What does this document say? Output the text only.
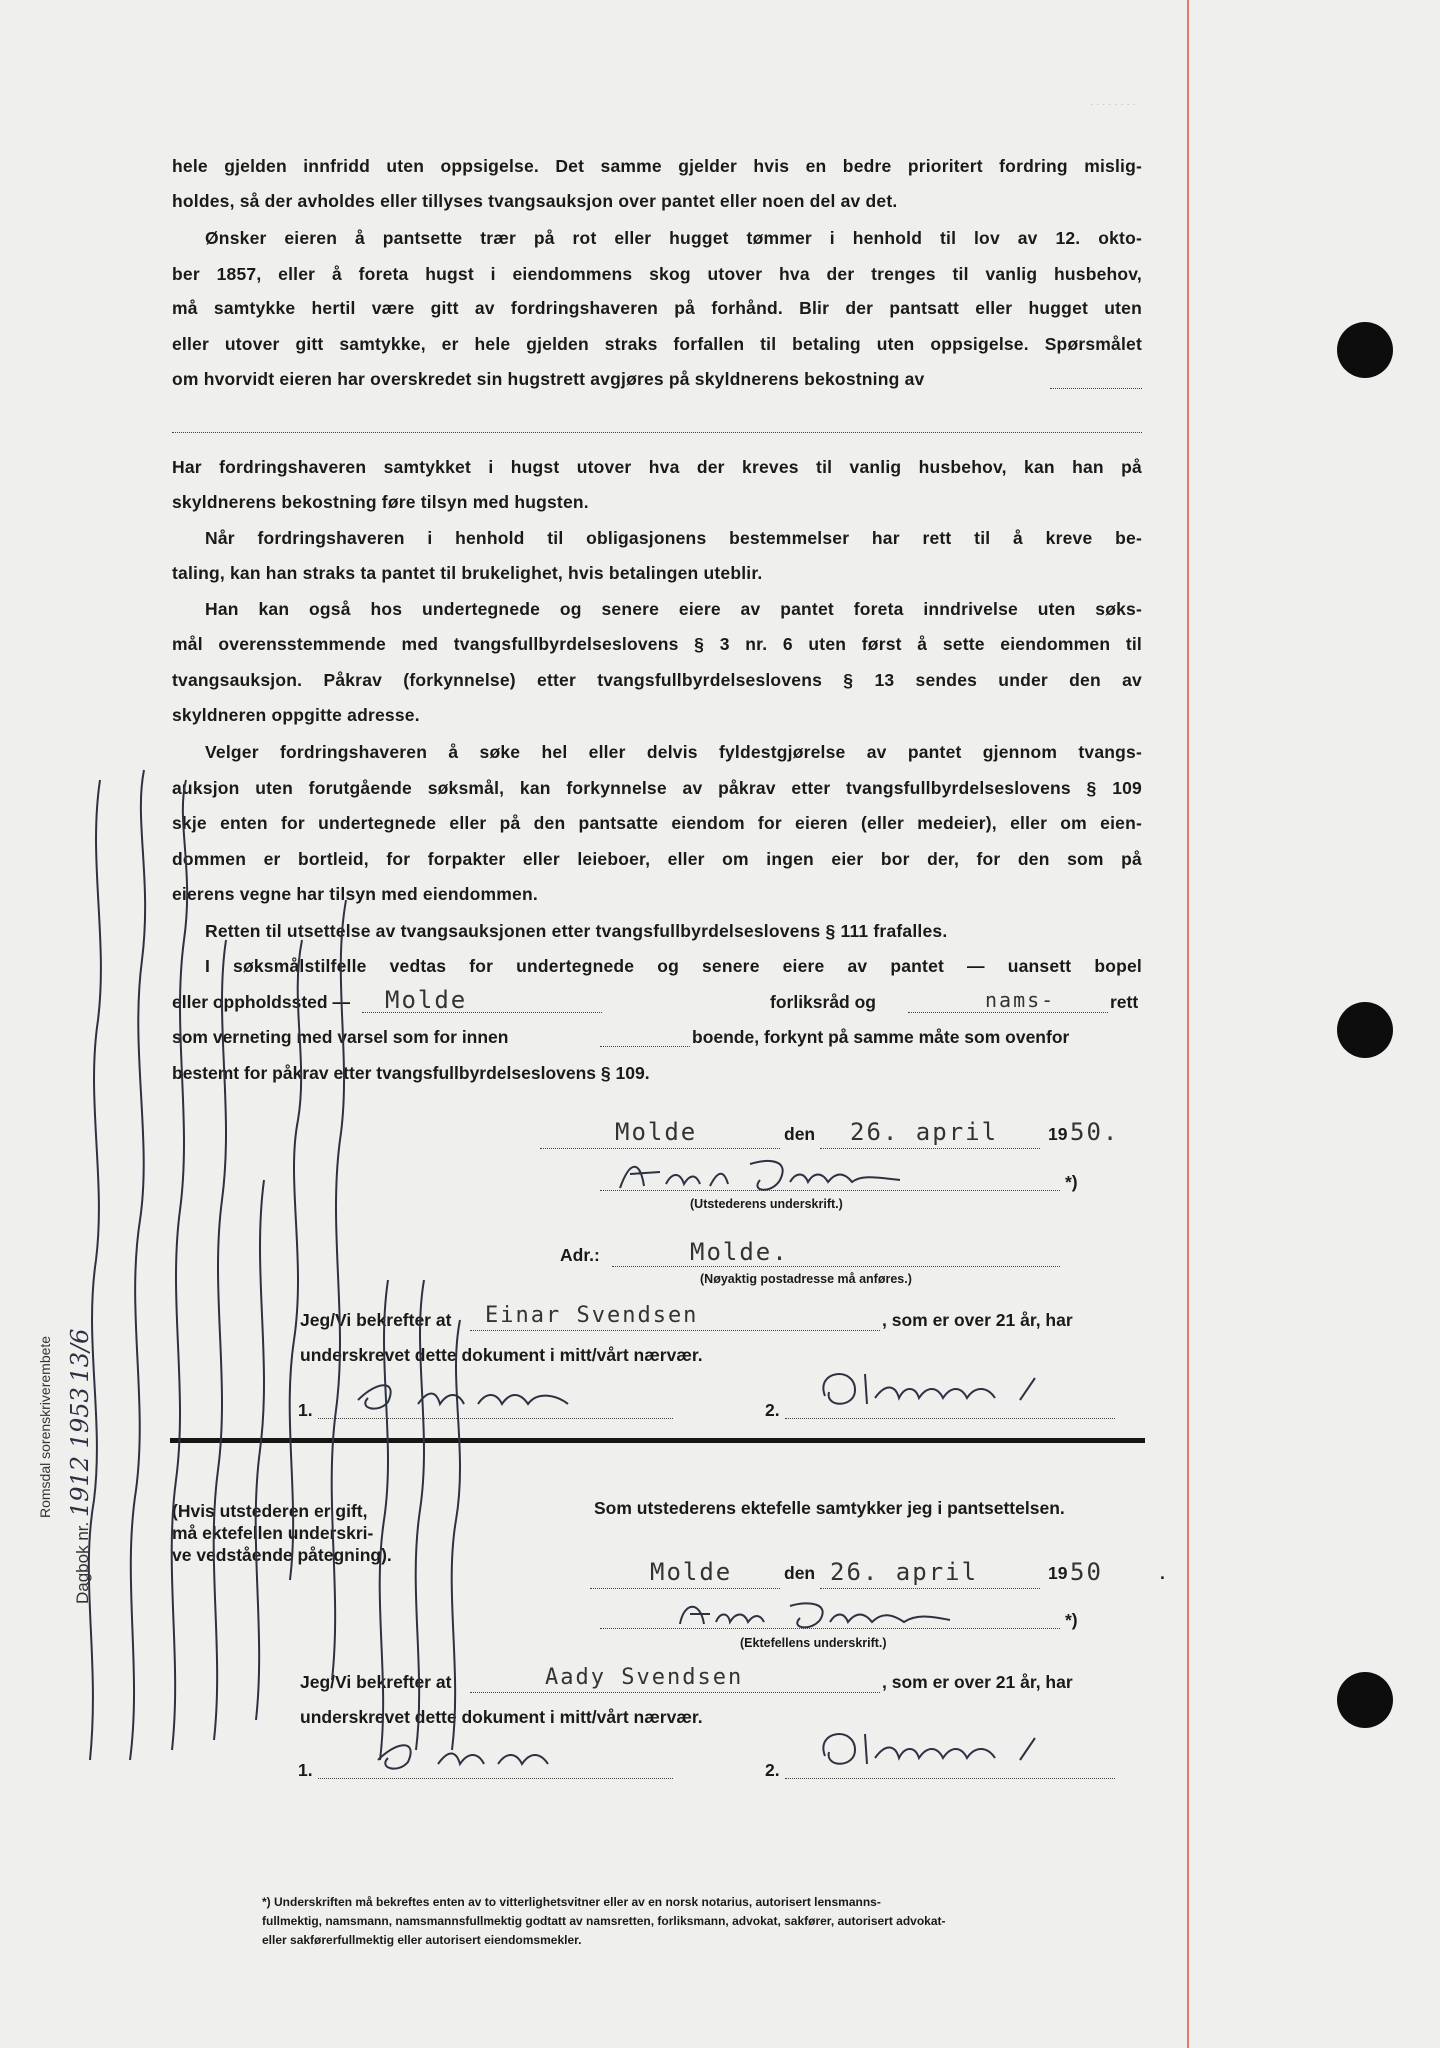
. . . . . . . .
hele gjelden innfridd uten oppsigelse. Det samme gjelder hvis en bedre prioritert fordring mislig-
holdes, så der avholdes eller tillyses tvangsauksjon over pantet eller noen del av det.
Ønsker eieren å pantsette trær på rot eller hugget tømmer i henhold til lov av 12. okto-
ber 1857, eller å foreta hugst i eiendommens skog utover hva der trenges til vanlig husbehov,
må samtykke hertil være gitt av fordringshaveren på forhånd. Blir der pantsatt eller hugget uten
eller utover gitt samtykke, er hele gjelden straks forfallen til betaling uten oppsigelse. Spørsmålet
om hvorvidt eieren har overskredet sin hugstrett avgjøres på skyldnerens bekostning av
Har fordringshaveren samtykket i hugst utover hva der kreves til vanlig husbehov, kan han på
skyldnerens bekostning føre tilsyn med hugsten.
Når fordringshaveren i henhold til obligasjonens bestemmelser har rett til å kreve be-
taling, kan han straks ta pantet til brukelighet, hvis betalingen uteblir.
Han kan også hos undertegnede og senere eiere av pantet foreta inndrivelse uten søks-
mål overensstemmende med tvangsfullbyrdelseslovens § 3 nr. 6 uten først å sette eiendommen til
tvangsauksjon. Påkrav (forkynnelse) etter tvangsfullbyrdelseslovens § 13 sendes under den av
skyldneren oppgitte adresse.
Velger fordringshaveren å søke hel eller delvis fyldestgjørelse av pantet gjennom tvangs-
auksjon uten forutgående søksmål, kan forkynnelse av påkrav etter tvangsfullbyrdelseslovens § 109
skje enten for undertegnede eller på den pantsatte eiendom for eieren (eller medeier), eller om eien-
dommen er bortleid, for forpakter eller leieboer, eller om ingen eier bor der, for den som på
eierens vegne har tilsyn med eiendommen.
Retten til utsettelse av tvangsauksjonen etter tvangsfullbyrdelseslovens § 111 frafalles.
I søksmålstilfelle vedtas for undertegnede og senere eiere av pantet — uansett bopel
eller oppholdssted — Molde	forliksråd og	nams-	rett
som verneting med varsel som for innen	boende, forkynt på samme måte som ovenfor
bestemt for påkrav etter tvangsfullbyrdelseslovens § 109.
Molde	den 26. april	19 50.
*)
(Utstederens underskrift.)
Adr.:	Molde.
(Nøyaktig postadresse må anføres.)
Jeg/Vi bekrefter at Einar Svendsen	, som er over 21 år, har
underskrevet dette dokument i mitt/vårt nærvær.
1.	2.
(Hvis utstederen er gift,
må ektefellen underskri-
ve vedstående påtegning).
Som utstederens ektefelle samtykker jeg i pantsettelsen.
Molde	den 26. april	19 50	.
*)
(Ektefellens underskrift.)
Jeg/Vi bekrefter at	Aady Svendsen	, som er over 21 år, har
underskrevet dette dokument i mitt/vårt nærvær.
1.	2.
*) Underskriften må bekreftes enten av to vitterlighetsvitner eller av en norsk notarius, autorisert lensmanns-
fullmektig, namsmann, namsmannsfullmektig godtatt av namsretten, forliksmann, advokat, sakfører, autorisert advokat-
eller sakførerfullmektig eller autorisert eiendomsmekler.
Dagbok nr. 1912 1953 13/6
Romsdal sorenskriverembete
